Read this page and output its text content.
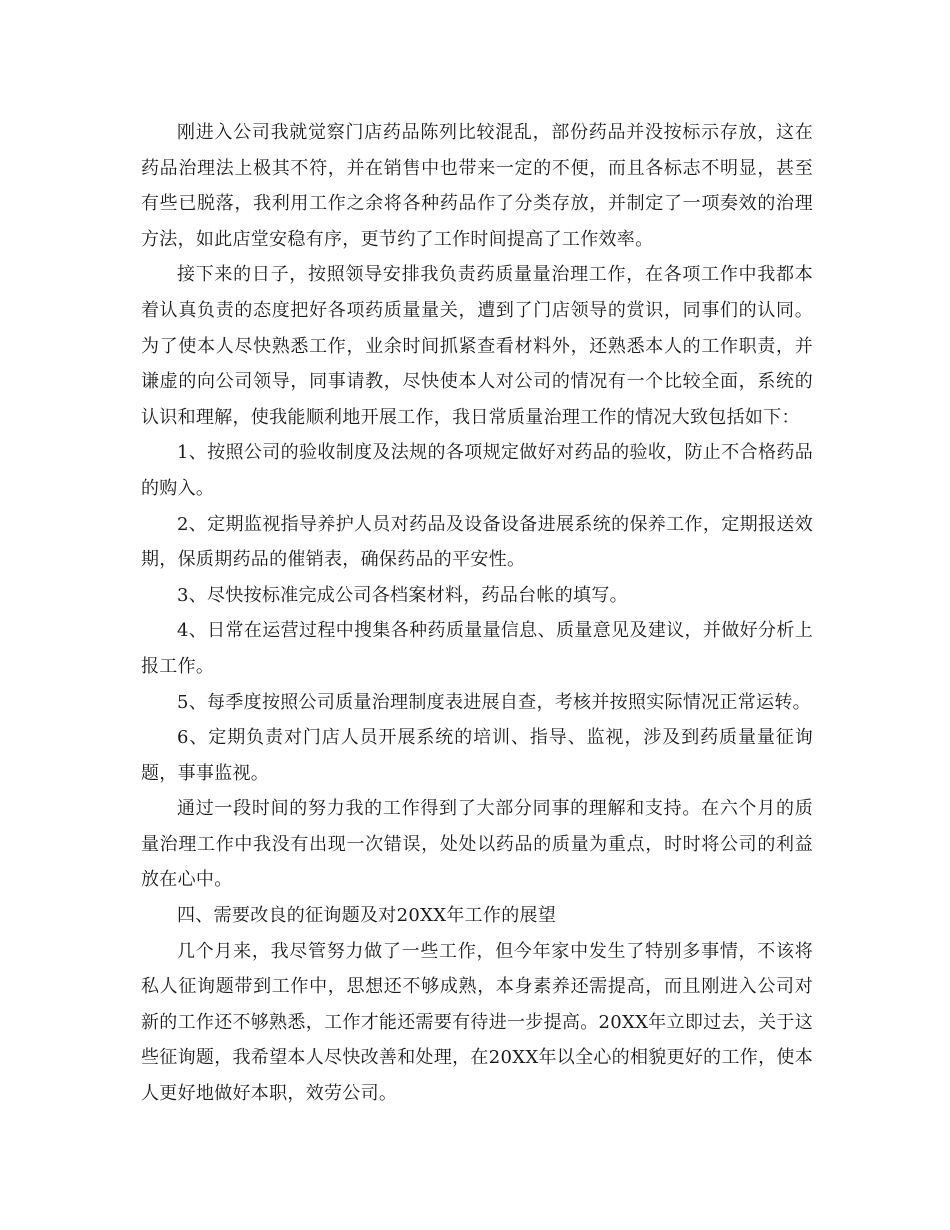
刚进入公司我就觉察门店药品陈列比较混乱，部份药品并没按标示存放，这在药品治理法上极其不符，并在销售中也带来一定的不便，而且各标志不明显，甚至有些已脱落，我利用工作之余将各种药品作了分类存放，并制定了一项奏效的治理方法，如此店堂安稳有序，更节约了工作时间提高了工作效率。

接下来的日子，按照领导安排我负责药质量量治理工作，在各项工作中我都本着认真负责的态度把好各项药质量量关，遭到了门店领导的赏识，同事们的认同。为了使本人尽快熟悉工作，业余时间抓紧查看材料外，还熟悉本人的工作职责，并谦虚的向公司领导，同事请教，尽快使本人对公司的情况有一个比较全面，系统的认识和理解，使我能顺利地开展工作，我日常质量治理工作的情况大致包括如下：

1、按照公司的验收制度及法规的各项规定做好对药品的验收，防止不合格药品的购入。

2、定期监视指导养护人员对药品及设备设备进展系统的保养工作，定期报送效期，保质期药品的催销表，确保药品的平安性。

3、尽快按标准完成公司各档案材料，药品台帐的填写。

4、日常在运营过程中搜集各种药质量量信息、质量意见及建议，并做好分析上报工作。

5、每季度按照公司质量治理制度表进展自查，考核并按照实际情况正常运转。

6、定期负责对门店人员开展系统的培训、指导、监视，涉及到药质量量征询题，事事监视。

通过一段时间的努力我的工作得到了大部分同事的理解和支持。在六个月的质量治理工作中我没有出现一次错误，处处以药品的质量为重点，时时将公司的利益放在心中。

四、需要改良的征询题及对20XX年工作的展望

几个月来，我尽管努力做了一些工作，但今年家中发生了特别多事情，不该将私人征询题带到工作中，思想还不够成熟，本身素养还需提高，而且刚进入公司对新的工作还不够熟悉，工作才能还需要有待进一步提高。20XX年立即过去，关于这些征询题，我希望本人尽快改善和处理，在20XX年以全心的相貌更好的工作，使本人更好地做好本职，效劳公司。
